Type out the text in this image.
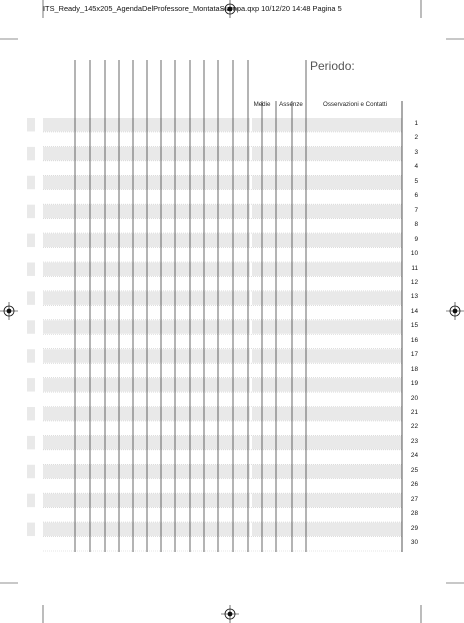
ITS_Ready_145x205_AgendaDelProfessore_MontataStampa.qxp 10/12/20 14:48 Pagina 5
Periodo:
Medie	Assenze	Osservazioni e Contatti
1
2
3
4
5
6
7
8
9
10
11
12
13
14
15
16
17
18
19
20
21
22
23
24
25
26
27
28
29
30
